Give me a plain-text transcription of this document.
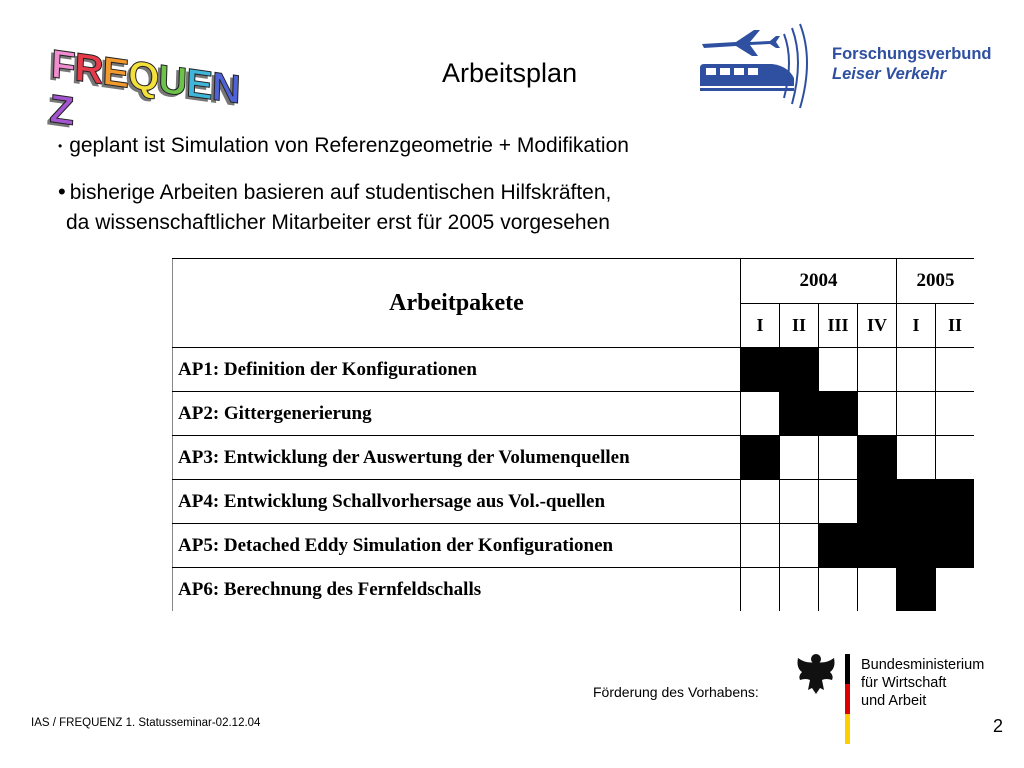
FREQUENZ
Arbeitsplan
Forschungsverbund
Leiser Verkehr
• geplant ist Simulation von Referenzgeometrie + Modifikation
• bisherige Arbeiten basieren auf studentischen Hilfskräften,
da wissenschaftlicher Mitarbeiter erst für 2005 vorgesehen
Arbeitpakete	2004				2005	
	I	II	III	IV	I	II
AP1: Definition der Konfigurationen						
AP2: Gittergenerierung						
AP3: Entwicklung der Auswertung der Volumenquellen						
AP4: Entwicklung Schallvorhersage aus Vol.-quellen						
AP5: Detached Eddy Simulation der Konfigurationen						
AP6: Berechnung des Fernfeldschalls						
Förderung des Vorhabens:
Bundesministerium
für Wirtschaft
und Arbeit
IAS / FREQUENZ 1. Statusseminar-02.12.04	2
